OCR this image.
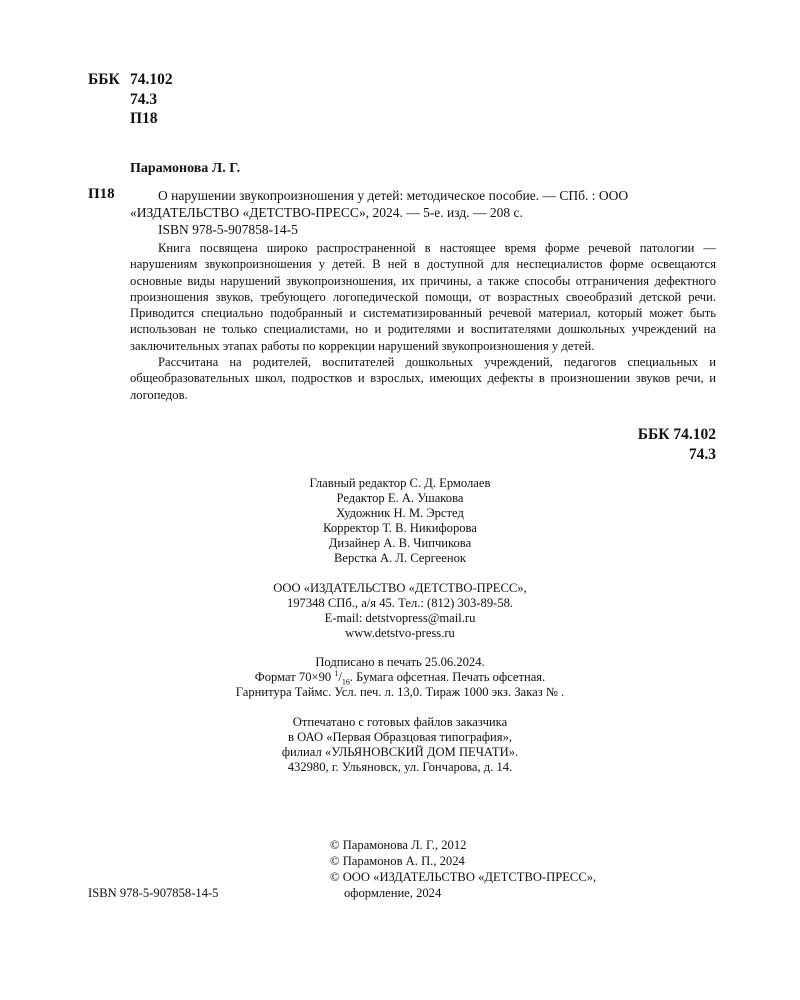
ББК 74.102
74.3
П18
Парамонова Л. Г.
П18	О нарушении звукопроизношения у детей: методическое пособие. — СПб. : ООО
«ИЗДАТЕЛЬСТВО «ДЕТСТВО-ПРЕСС», 2024. — 5-е. изд. — 208 с.
ISBN 978-5-907858-14-5

Книга посвящена широко распространенной в настоящее время форме речевой патологии — нарушениям звукопроизношения у детей. В ней в доступной для неспециалистов форме освещаются основные виды нарушений звукопроизношения, их причины, а также способы отграничения дефектного произношения звуков, требующего логопедической помощи, от возрастных своеобразий детской речи. Приводится специально подобранный и систематизированный речевой материал, который может быть использован не только специалистами, но и родителями и воспитателями дошкольных учреждений на заключительных этапах работы по коррекции нарушений звукопроизношения у детей.

Рассчитана на родителей, воспитателей дошкольных учреждений, педагогов специальных и общеобразовательных школ, подростков и взрослых, имеющих дефекты в произношении звуков речи, и логопедов.

ББК 74.102
74.3
Главный редактор С. Д. Ермолаев
Редактор Е. А. Ушакова
Художник Н. М. Эрстед
Корректор Т. В. Никифорова
Дизайнер А. В. Чипчикова
Верстка А. Л. Сергеенок
ООО «ИЗДАТЕЛЬСТВО «ДЕТСТВО-ПРЕСС»,
197348 СПб., а/я 45. Тел.: (812) 303-89-58.
E-mail: detstvopress@mail.ru
www.detstvo-press.ru
Подписано в печать 25.06.2024.
Формат 70×90 $^1/_{16}$. Бумага офсетная. Печать офсетная.
Гарнитура Таймс. Усл. печ. л. 13,0. Тираж 1000 экз. Заказ № .
Отпечатано с готовых файлов заказчика
в ОАО «Первая Образцовая типография»,
филиал «УЛЬЯНОВСКИЙ ДОМ ПЕЧАТИ».
432980, г. Ульяновск, ул. Гончарова, д. 14.
© Парамонова Л. Г., 2012
© Парамонов А. П., 2024
© ООО «ИЗДАТЕЛЬСТВО «ДЕТСТВО-ПРЕСС»,
оформление, 2024
ISBN 978-5-907858-14-5
